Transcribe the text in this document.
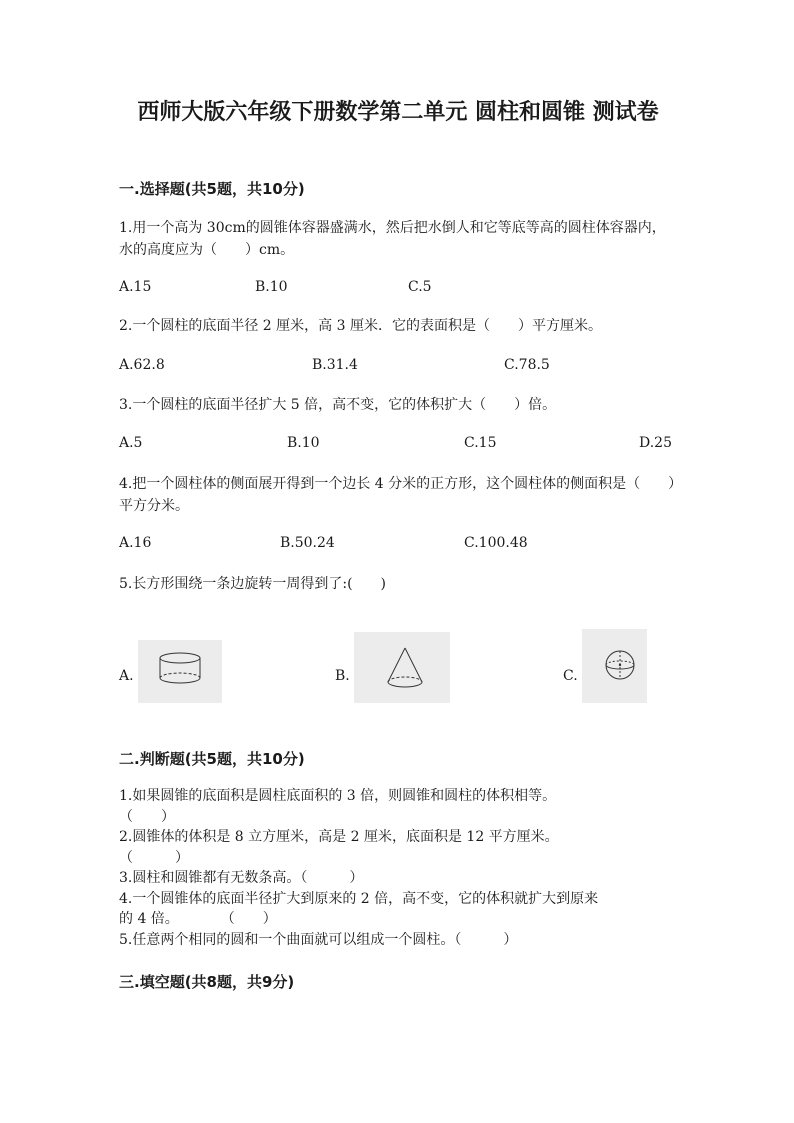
西师大版六年级下册数学第二单元 圆柱和圆锥 测试卷
一.选择题(共5题，共10分)
1.用一个高为 30cm的圆锥体容器盛满水，然后把水倒人和它等底等高的圆柱体容器内，水的高度应为（　　）cm。
A.15	B.10	C.5
2.一个圆柱的底面半径 2 厘米，高 3 厘米．它的表面积是（　　）平方厘米。
A.62.8	B.31.4	C.78.5
3.一个圆柱的底面半径扩大 5 倍，高不变，它的体积扩大（　　）倍。
A.5	B.10	C.15	D.25
4.把一个圆柱体的侧面展开得到一个边长 4 分米的正方形，这个圆柱体的侧面积是（　　）平方分米。
A.16	B.50.24	C.100.48
5.长方形围绕一条边旋转一周得到了:(　　)
A.	B.	C.
二.判断题(共5题，共10分)
1.如果圆锥的底面积是圆柱底面积的 3 倍，则圆锥和圆柱的体积相等。
（　　）
2.圆锥体的体积是 8 立方厘米，高是 2 厘米，底面积是 12 平方厘米。
（　　　）
3.圆柱和圆锥都有无数条高。（　　　）
4.一个圆锥体的底面半径扩大到原来的 2 倍，高不变，它的体积就扩大到原来
的 4 倍。　　　　（　　）
5.任意两个相同的圆和一个曲面就可以组成一个圆柱。（　　　）
三.填空题(共8题，共9分)
